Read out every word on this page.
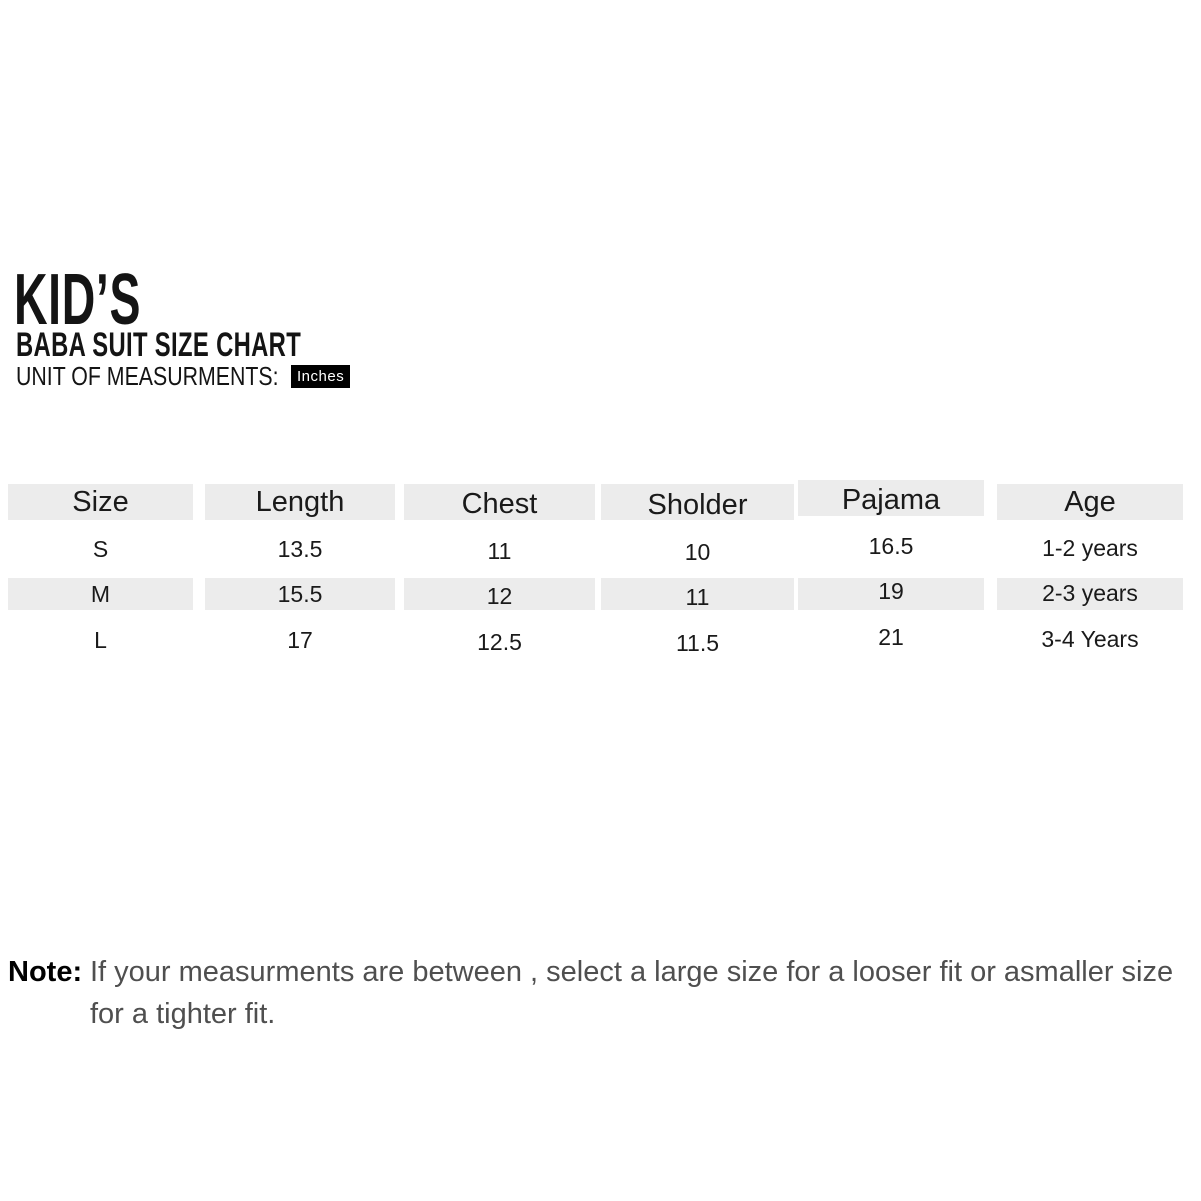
KID’S
BABA SUIT SIZE CHART
UNIT OF MEASURMENTS:	Inches
Size	Length	Chest	Sholder	Pajama	Age
S	13.5	11	10	16.5	1-2 years
M	15.5	12	11	19	2-3 years
L	17	12.5	11.5	21	3-4 Years
Note: If your measurments are between , select a large size for a looser fit or asmaller size for a tighter fit.
